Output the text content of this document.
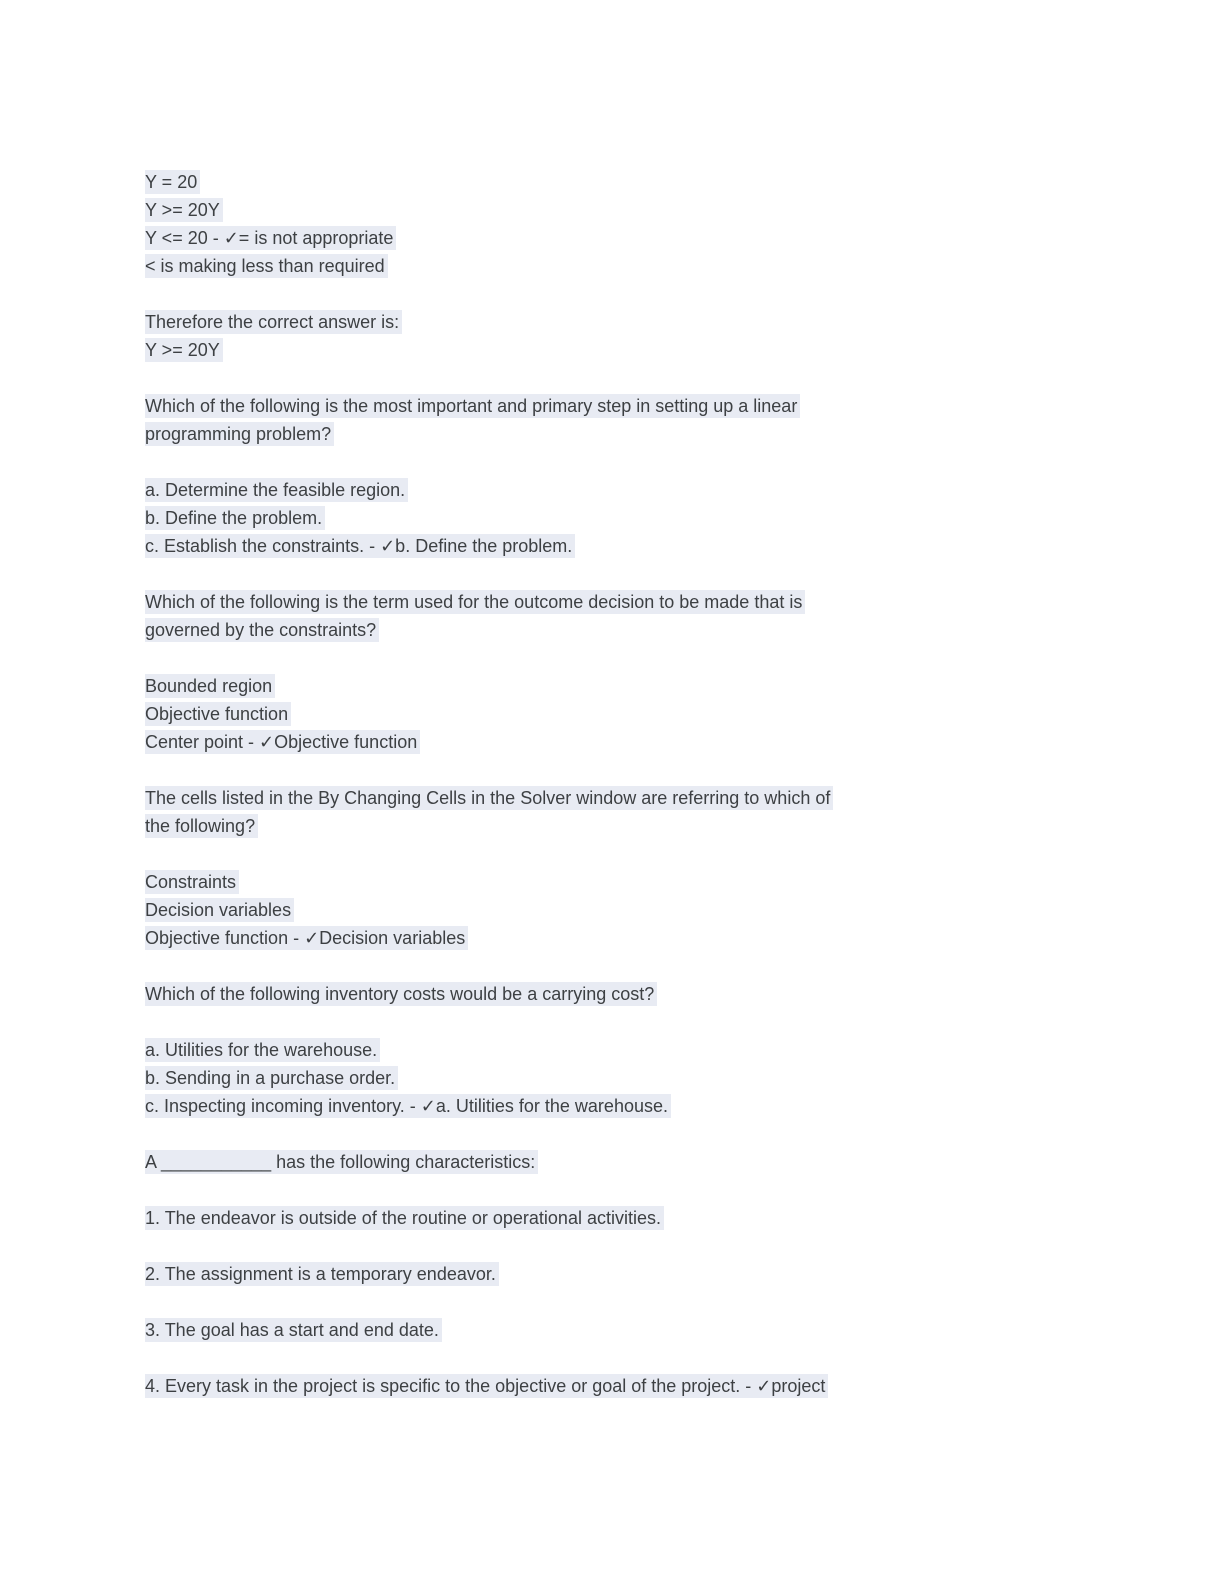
Y = 20
Y >= 20Y
Y <= 20 - ✓= is not appropriate
< is making less than required
Therefore the correct answer is:
Y >= 20Y
Which of the following is the most important and primary step in setting up a linear
programming problem?
a. Determine the feasible region.
b. Define the problem.
c. Establish the constraints. - ✓b. Define the problem.
Which of the following is the term used for the outcome decision to be made that is
governed by the constraints?
Bounded region
Objective function
Center point - ✓Objective function
The cells listed in the By Changing Cells in the Solver window are referring to which of
the following?
Constraints
Decision variables
Objective function - ✓Decision variables
Which of the following inventory costs would be a carrying cost?
a. Utilities for the warehouse.
b. Sending in a purchase order.
c. Inspecting incoming inventory. - ✓a. Utilities for the warehouse.
A ___________ has the following characteristics:
1. The endeavor is outside of the routine or operational activities.
2. The assignment is a temporary endeavor.
3. The goal has a start and end date.
4. Every task in the project is specific to the objective or goal of the project. - ✓project
